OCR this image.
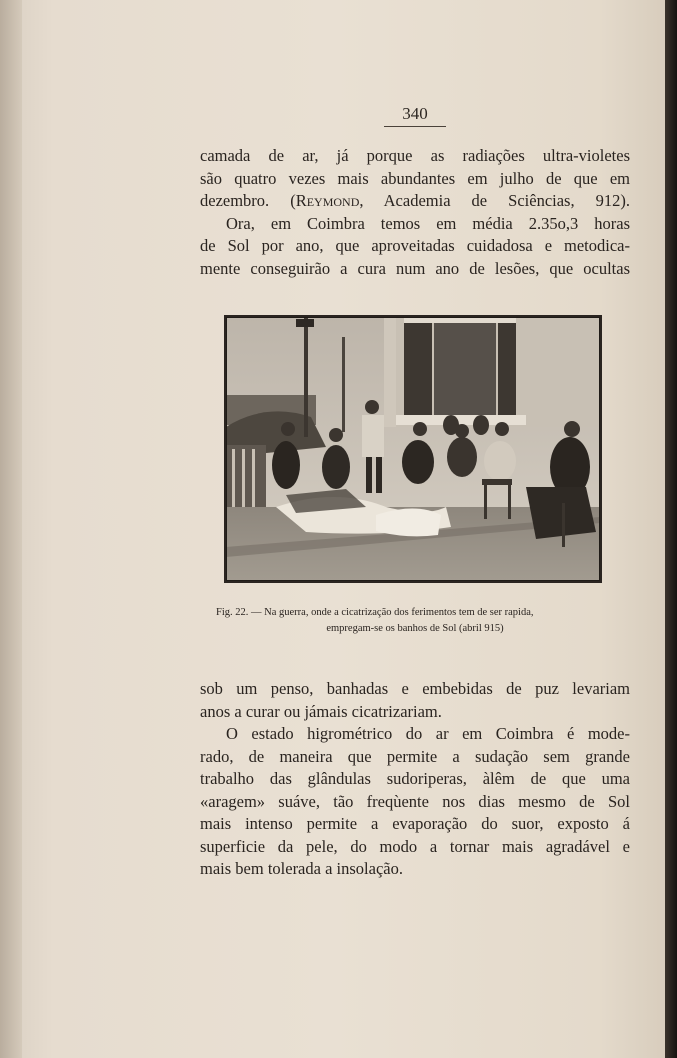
340
camada de ar, já porque as radiações ultra-violetes
são quatro vezes mais abundantes em julho de que em
dezembro. (Reymond, Academia de Sciências, 912).
Ora, em Coimbra temos em média 2.35o,3 horas
de Sol por ano, que aproveitadas cuidadosa e metodica-
mente conseguirão a cura num ano de lesões, que ocultas
Fig. 22. — Na guerra, onde a cicatrização dos ferimentos tem de ser rapida,
empregam-se os banhos de Sol (abril 915)
sob um penso, banhadas e embebidas de puz levariam
anos a curar ou jámais cicatrizariam.
O estado higrométrico do ar em Coimbra é mode-
rado, de maneira que permite a sudação sem grande
trabalho das glândulas sudoriperas, àlêm de que uma
«aragem» suáve, tão freqùente nos dias mesmo de Sol
mais intenso permite a evaporação do suor, exposto á
superficie da pele, do modo a tornar mais agradável e
mais bem tolerada a insolação.
